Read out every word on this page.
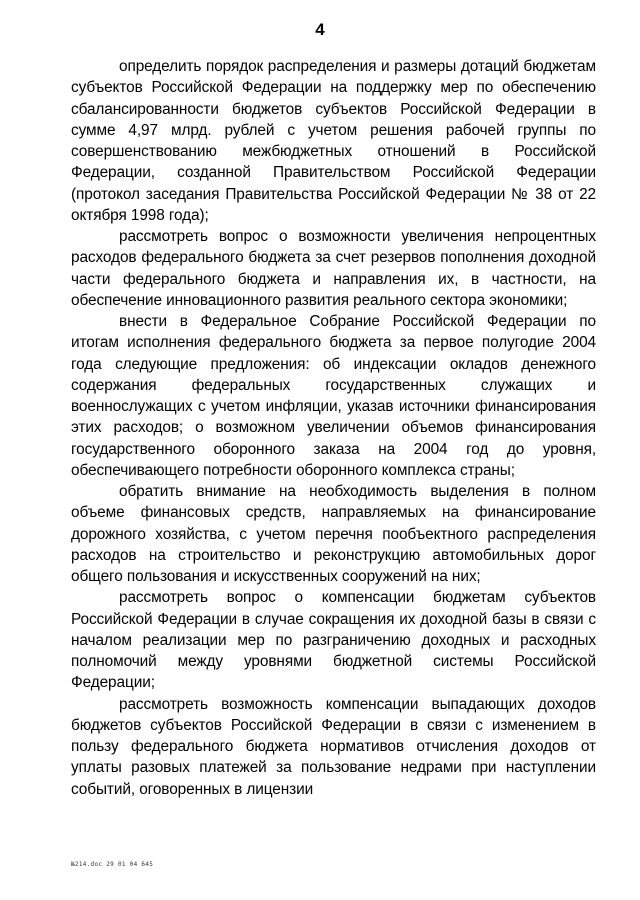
4

определить порядок распределения и размеры дотаций бюджетам субъектов Российской Федерации на поддержку мер по обеспечению сбалансированности бюджетов субъектов Российской Федерации в сумме 4,97 млрд. рублей с учетом решения рабочей группы по совершенствованию межбюджетных отношений в Российской Федерации, созданной Правительством Российской Федерации (протокол заседания Правительства Российской Федерации № 38 от 22 октября 1998 года);

рассмотреть вопрос о возможности увеличения непроцентных расходов федерального бюджета за счет резервов пополнения доходной части федерального бюджета и направления их, в частности, на обеспечение инновационного развития реального сектора экономики;

внести в Федеральное Собрание Российской Федерации по итогам исполнения федерального бюджета за первое полугодие 2004 года следующие предложения: об индексации окладов денежного содержания федеральных государственных служащих и военнослужащих с учетом инфляции, указав источники финансирования этих расходов; о возможном увеличении объемов финансирования государственного оборонного заказа на 2004 год до уровня, обеспечивающего потребности оборонного комплекса страны;

обратить внимание на необходимость выделения в полном объеме финансовых средств, направляемых на финансирование дорожного хозяйства, с учетом перечня пообъектного распределения расходов на строительство и реконструкцию автомобильных дорог общего пользования и искусственных сооружений на них;

рассмотреть вопрос о компенсации бюджетам субъектов Российской Федерации в случае сокращения их доходной базы в связи с началом реализации мер по разграничению доходных и расходных полномочий между уровнями бюджетной системы Российской Федерации;

рассмотреть возможность компенсации выпадающих доходов бюджетов субъектов Российской Федерации в связи с изменением в пользу федерального бюджета нормативов отчисления доходов от уплаты разовых платежей за пользование недрами при наступлении событий, оговоренных в лицензии

№214.doc 29 01 04 645
